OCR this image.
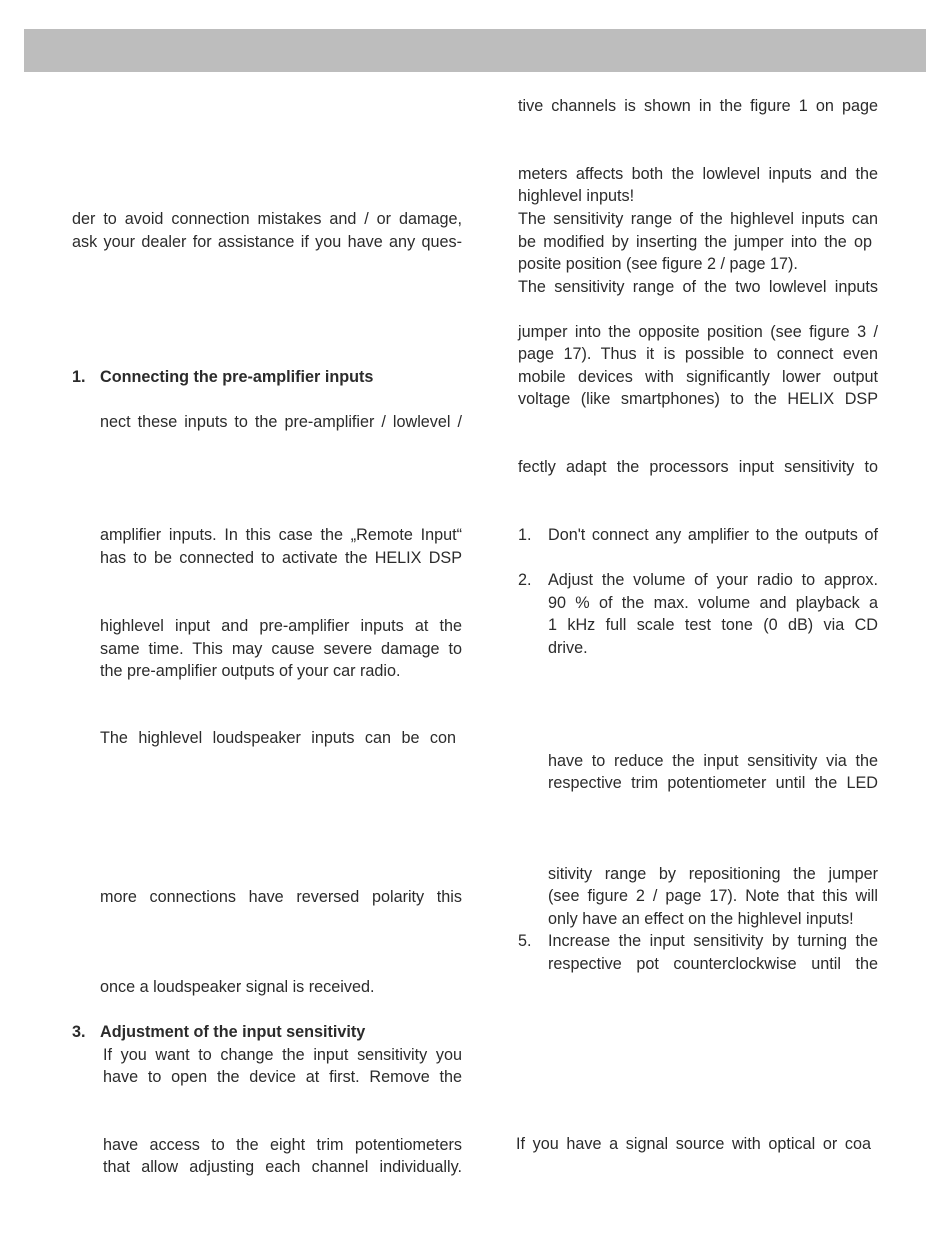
der to avoid connection mistakes and / or damage,

ask your dealer for assistance if you have any ques-

1. Connecting the pre-amplifier inputs

nect these inputs to the pre-amplifier / lowlevel /

amplifier inputs. In this case the „Remote Input“

has to be connected to activate the HELIX DSP

highlevel input and pre-amplifier inputs at the

same time. This may cause severe damage to

the pre-amplifier outputs of your car radio.

The highlevel loudspeaker inputs can be con

more connections have reversed polarity this

once a loudspeaker signal is received.

3. Adjustment of the input sensitivity

If you want to change the input sensitivity you

have to open the device at first. Remove the

have access to the eight trim potentiometers

that allow adjusting each channel individually.

tive channels is shown in the figure 1 on page

meters affects both the lowlevel inputs and the

highlevel inputs!

The sensitivity range of the highlevel inputs can

be modified by inserting the jumper into the op

posite position (see figure 2 / page 17).

The sensitivity range of the two lowlevel inputs

jumper into the opposite position (see figure 3 /

page 17). Thus it is possible to connect even

mobile devices with significantly lower output

voltage (like smartphones) to the HELIX DSP

fectly adapt the processors input sensitivity to

1. Don't connect any amplifier to the outputs of

2. Adjust the volume of your radio to approx.

90 % of the max. volume and playback a

1 kHz full scale test tone (0 dB) via CD

drive.

have to reduce the input sensitivity via the

respective trim potentiometer until the LED

sitivity range by repositioning the jumper

(see figure 2 / page 17). Note that this will

only have an effect on the highlevel inputs!

5. Increase the input sensitivity by turning the

respective pot counterclockwise until the

If you have a signal source with optical or coa
